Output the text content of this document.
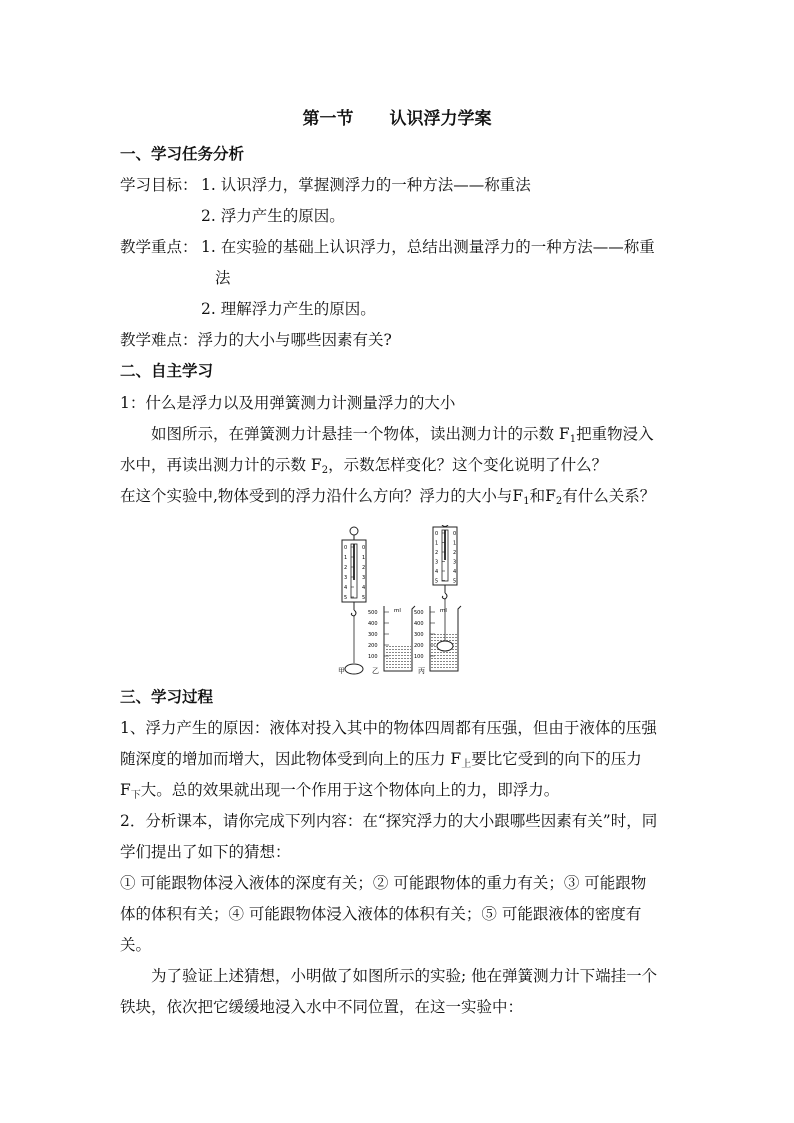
第一节 认识浮力学案
一、学习任务分析
学习目标： 1. 认识浮力，掌握测浮力的一种方法——称重法
2. 浮力产生的原因。
教学重点： 1. 在实验的基础上认识浮力，总结出测量浮力的一种方法——称重
法
2. 理解浮力产生的原因。
教学难点：浮力的大小与哪些因素有关?
二、自主学习
1：什么是浮力以及用弹簧测力计测量浮力的大小
如图所示，在弹簧测力计悬挂一个物体，读出测力计的示数 $F_1$把重物浸入
水中，再读出测力计的示数 $F_2$，示数怎样变化？这个变化说明了什么？
在这个实验中,物体受到的浮力沿什么方向？浮力的大小与$F_1$和$F_2$有什么关系？
0	0
1	1
2	2
3	3
4	4
5	5
甲
500
400
300
200
100
ml
乙
0	0
1	1
2	2
3	3
4	4
5	5
500
400
300
200
100
ml
丙
三、学习过程
1、浮力产生的原因：液体对投入其中的物体四周都有压强，但由于液体的压强
随深度的增加而增大，因此物体受到向上的压力 $F_上$要比它受到的向下的压力
$F_下$大。总的效果就出现一个作用于这个物体向上的力，即浮力。
2．分析课本，请你完成下列内容：在“探究浮力的大小跟哪些因素有关”时，同
学们提出了如下的猜想：
① 可能跟物体浸入液体的深度有关；② 可能跟物体的重力有关；③ 可能跟物
体的体积有关；④ 可能跟物体浸入液体的体积有关；⑤ 可能跟液体的密度有
关。
为了验证上述猜想，小明做了如图所示的实验; 他在弹簧测力计下端挂一个
铁块，依次把它缓缓地浸入水中不同位置，在这一实验中：
